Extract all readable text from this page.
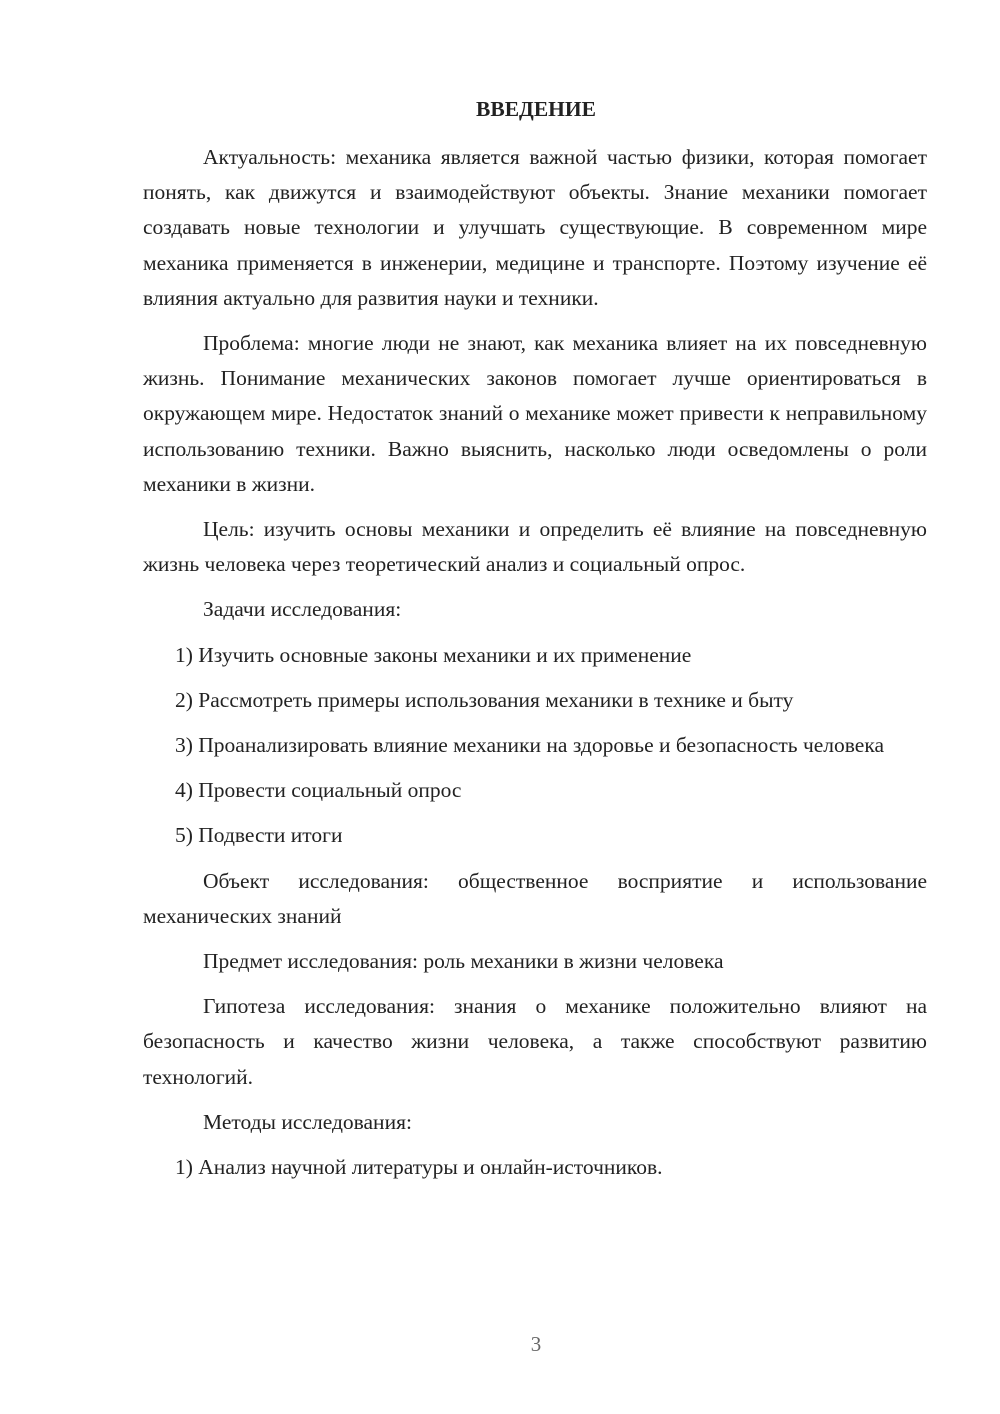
ВВЕДЕНИЕ

Актуальность: механика является важной частью физики, которая помогает понять, как движутся и взаимодействуют объекты. Знание механики помогает создавать новые технологии и улучшать существующие. В современном мире механика применяется в инженерии, медицине и транспорте. Поэтому изучение её влияния актуально для развития науки и техники.

Проблема: многие люди не знают, как механика влияет на их повседневную жизнь. Понимание механических законов помогает лучше ориентироваться в окружающем мире. Недостаток знаний о механике может привести к неправильному использованию техники. Важно выяснить, насколько люди осведомлены о роли механики в жизни.

Цель: изучить основы механики и определить её влияние на повседневную жизнь человека через теоретический анализ и социальный опрос.

Задачи исследования:

1) Изучить основные законы механики и их применение

2) Рассмотреть примеры использования механики в технике и быту

3) Проанализировать влияние механики на здоровье и безопасность человека

4) Провести социальный опрос

5) Подвести итоги

Объект исследования: общественное восприятие и использование механических знаний

Предмет исследования: роль механики в жизни человека

Гипотеза исследования: знания о механике положительно влияют на безопасность и качество жизни человека, а также способствуют развитию технологий.

Методы исследования:

1) Анализ научной литературы и онлайн-источников.

3
